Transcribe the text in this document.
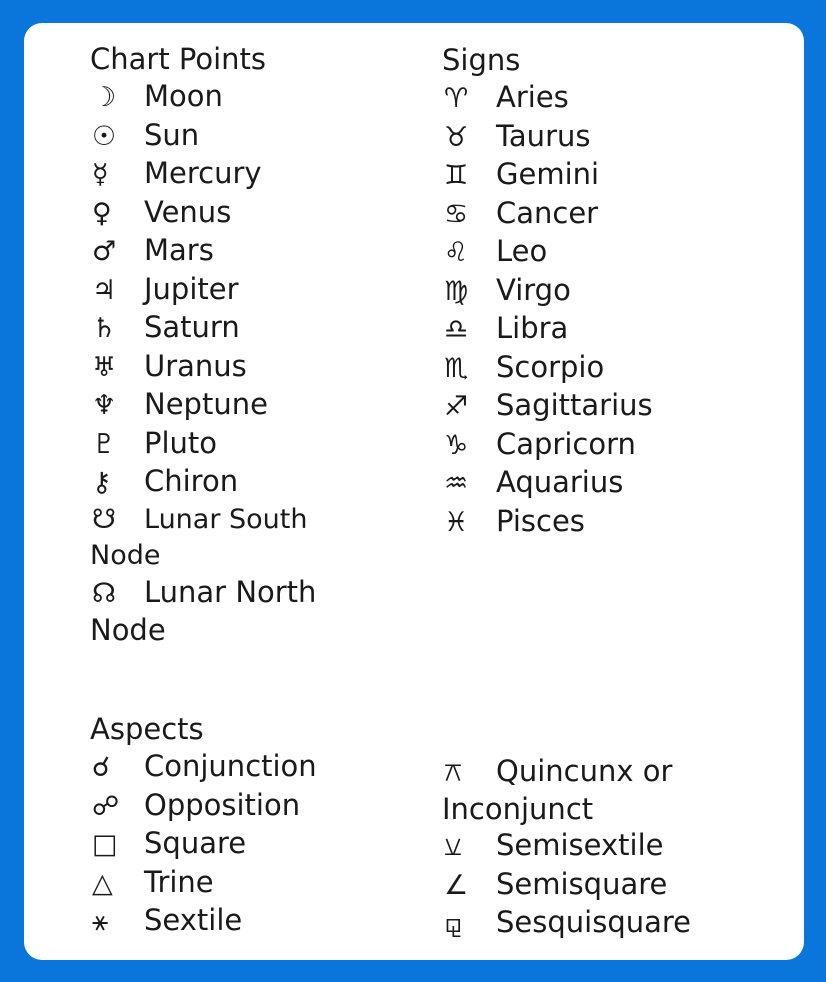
Chart Points
☽ Moon
☉ Sun
☿ Mercury
♀ Venus
♂ Mars
♃ Jupiter
♄ Saturn
♅ Uranus
♆ Neptune
♇ Pluto
⚷ Chiron
☋ Lunar South Node
☊ Lunar North Node
Signs
♈ Aries
♉ Taurus
♊ Gemini
♋ Cancer
♌ Leo
♍ Virgo
♎ Libra
♏ Scorpio
♐ Sagittarius
♑ Capricorn
♒ Aquarius
♓ Pisces
Aspects
☌ Conjunction
☍ Opposition
□ Square
△ Trine
⚹ Sextile
⚻ Quincunx or Inconjunct
⚺ Semisextile
∠ Semisquare
⚼ Sesquisquare
